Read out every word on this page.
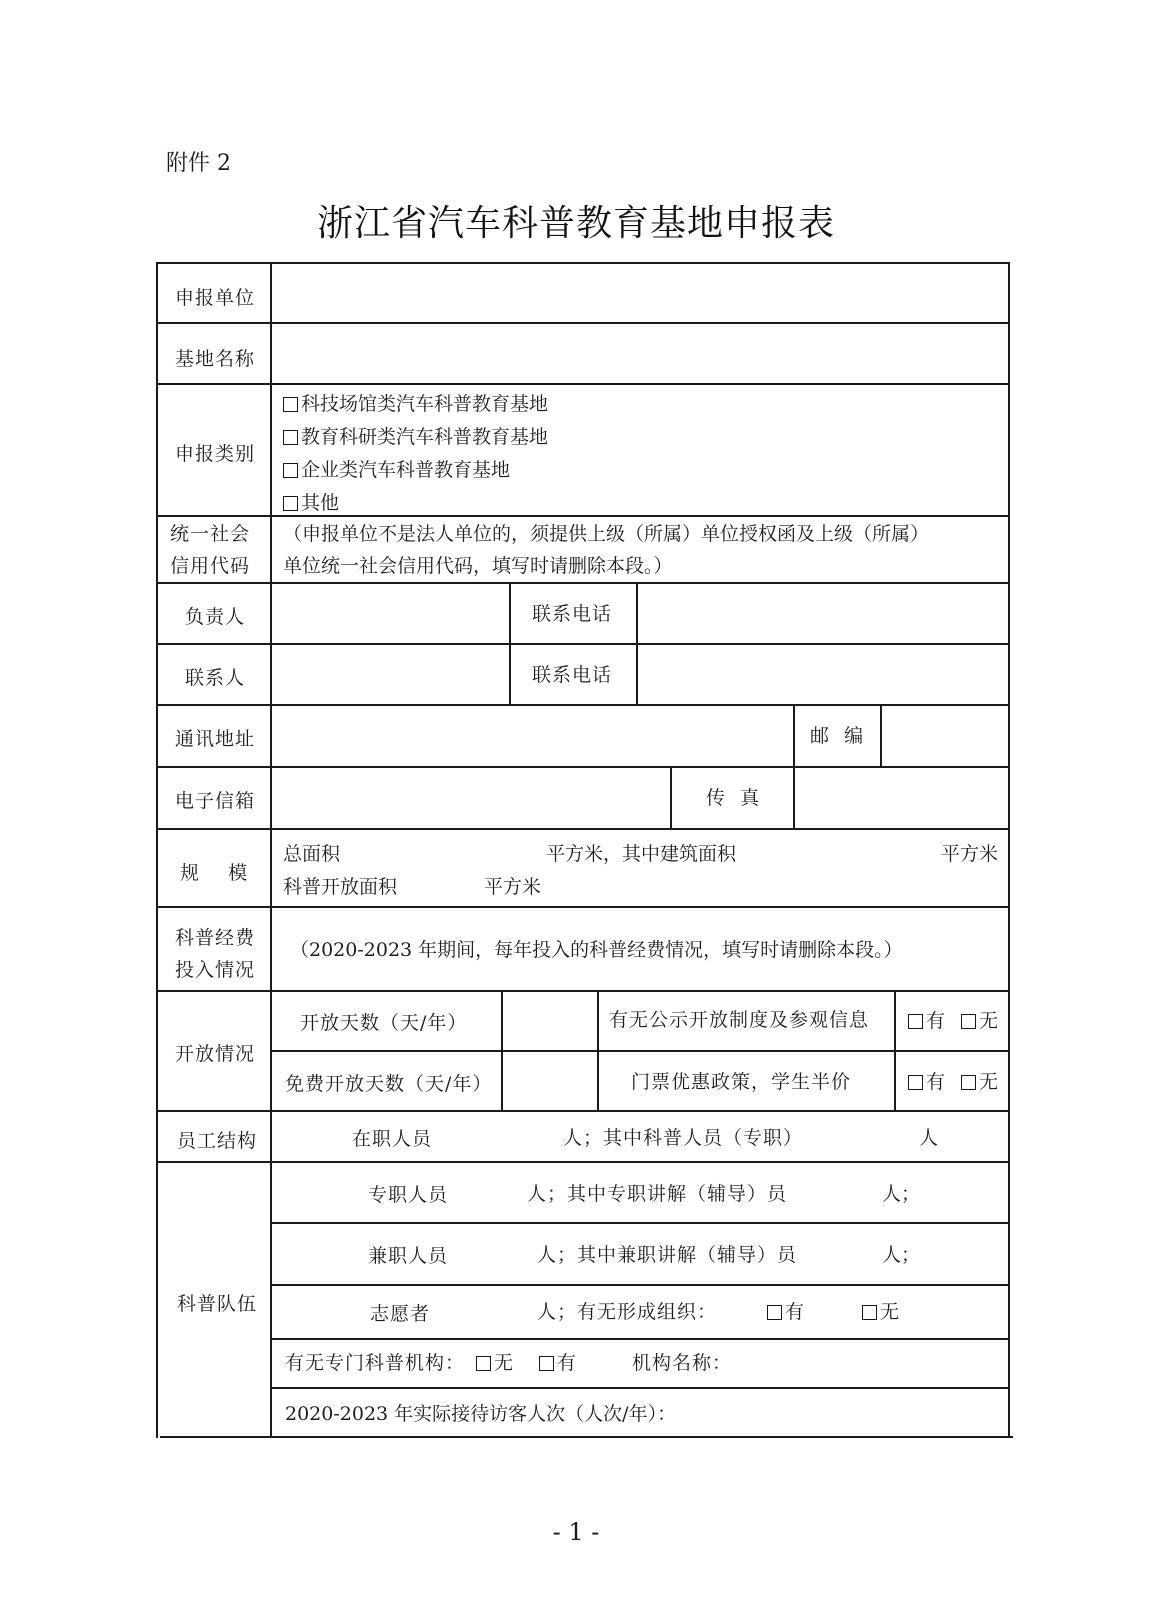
附件 2
浙江省汽车科普教育基地申报表
申报单位
基地名称
申报类别
科技场馆类汽车科普教育基地
教育科研类汽车科普教育基地
企业类汽车科普教育基地
其他
统一社会
信用代码
（申报单位不是法人单位的，须提供上级（所属）单位授权函及上级（所属）
单位统一社会信用代码，填写时请删除本段。）
负责人	联系电话
联系人	联系电话
通讯地址	邮  编
电子信箱	传  真
规    模
总面积	平方米，其中建筑面积	平方米
科普开放面积	平方米
科普经费
投入情况
（2020-2023 年期间，每年投入的科普经费情况，填写时请删除本段。）
开放情况
开放天数（天/年）	有无公示开放制度及参观信息	有	无
免费开放天数（天/年）	门票优惠政策，学生半价	有	无
员工结构	在职人员	人；其中科普人员（专职）	人
科普队伍
专职人员	人；其中专职讲解（辅导）员	人；
兼职人员	人；其中兼职讲解（辅导）员	人；
志愿者	人；有无形成组织：	有	无
有无专门科普机构：	无	有	机构名称：
2020-2023 年实际接待访客人次（人次/年）：
- 1 -
